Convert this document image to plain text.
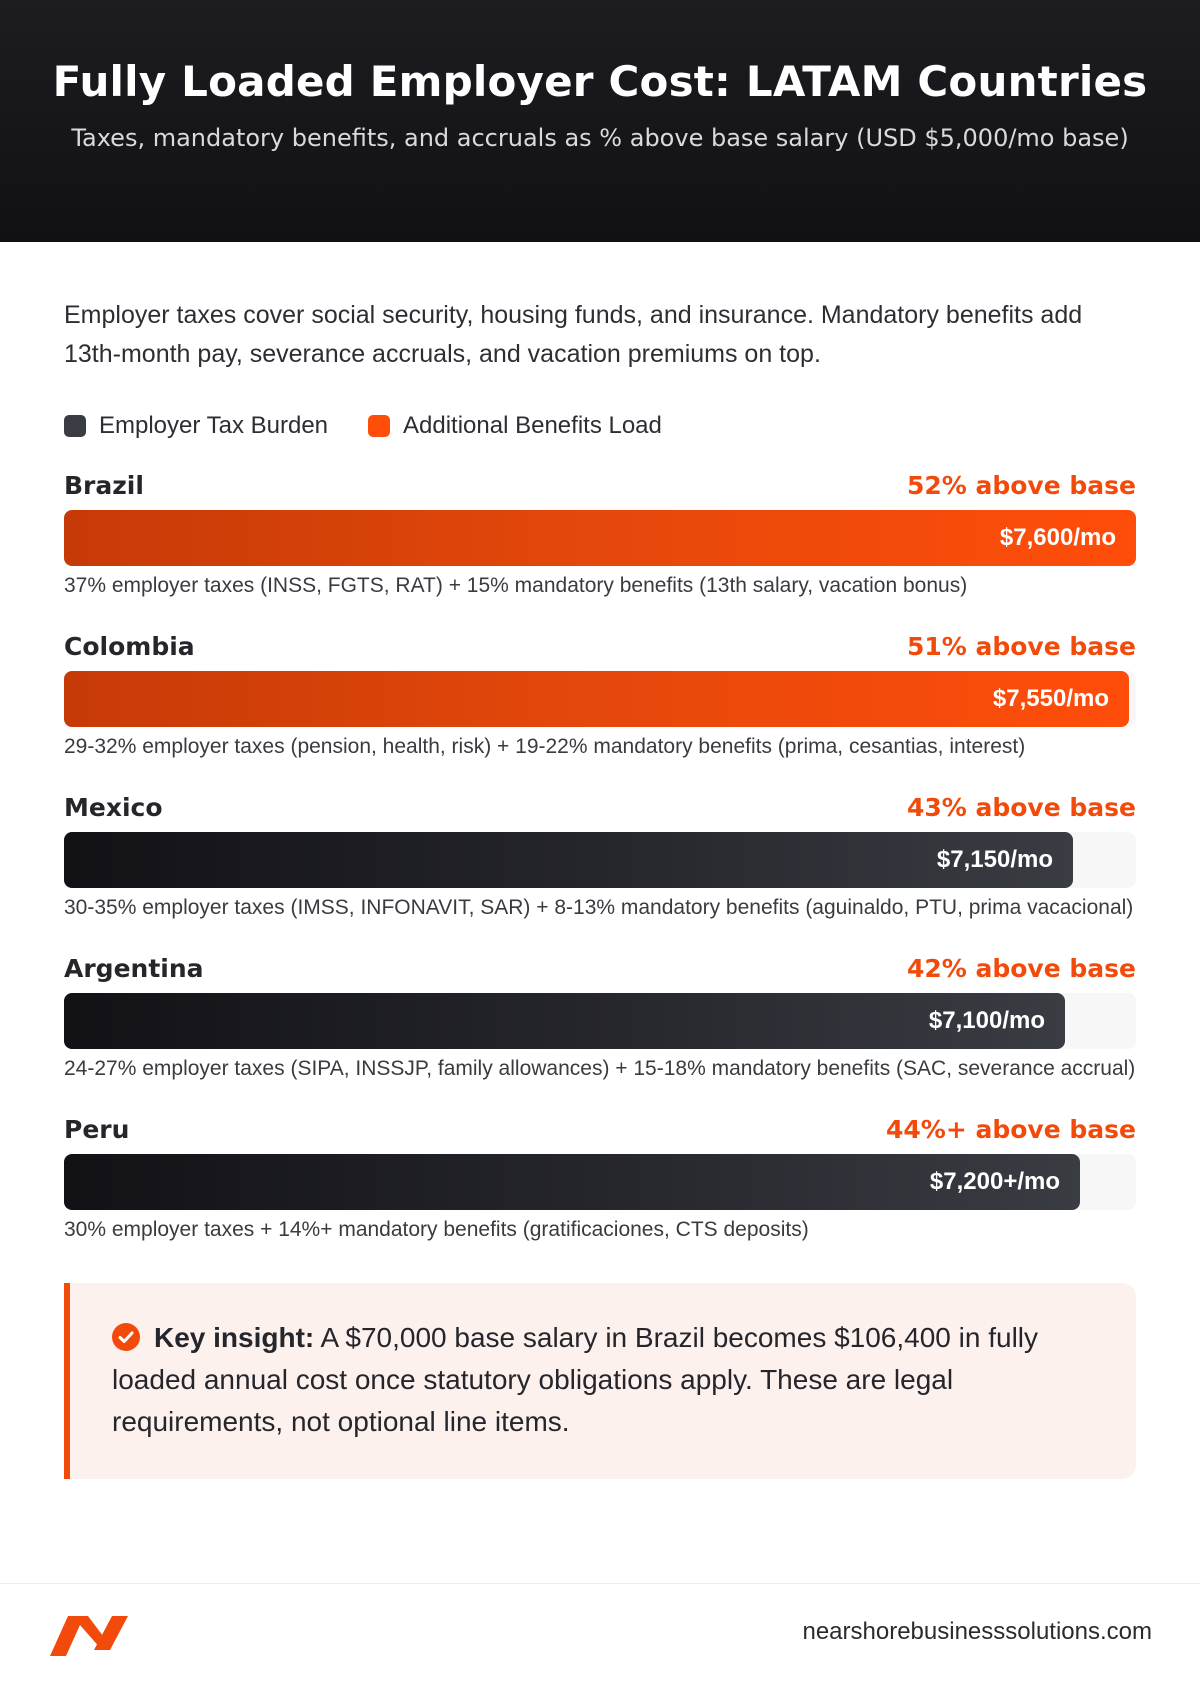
Fully Loaded Employer Cost: LATAM Countries
Taxes, mandatory benefits, and accruals as % above base salary (USD $5,000/mo base)

Employer taxes cover social security, housing funds, and insurance. Mandatory benefits add 13th-month pay, severance accruals, and vacation premiums on top.

Employer Tax Burden	Additional Benefits Load
Brazil	52% above base
$7,600/mo
37% employer taxes (INSS, FGTS, RAT) + 15% mandatory benefits (13th salary, vacation bonus)
Colombia	51% above base
$7,550/mo
29-32% employer taxes (pension, health, risk) + 19-22% mandatory benefits (prima, cesantias, interest)
Mexico	43% above base
$7,150/mo
30-35% employer taxes (IMSS, INFONAVIT, SAR) + 8-13% mandatory benefits (aguinaldo, PTU, prima vacacional)
Argentina	42% above base
$7,100/mo
24-27% employer taxes (SIPA, INSSJP, family allowances) + 15-18% mandatory benefits (SAC, severance accrual)
Peru	44%+ above base
$7,200+/mo
30% employer taxes + 14%+ mandatory benefits (gratificaciones, CTS deposits)
Key insight: A $70,000 base salary in Brazil becomes $106,400 in fully loaded annual cost once statutory obligations apply. These are legal requirements, not optional line items.
nearshorebusinesssolutions.com
